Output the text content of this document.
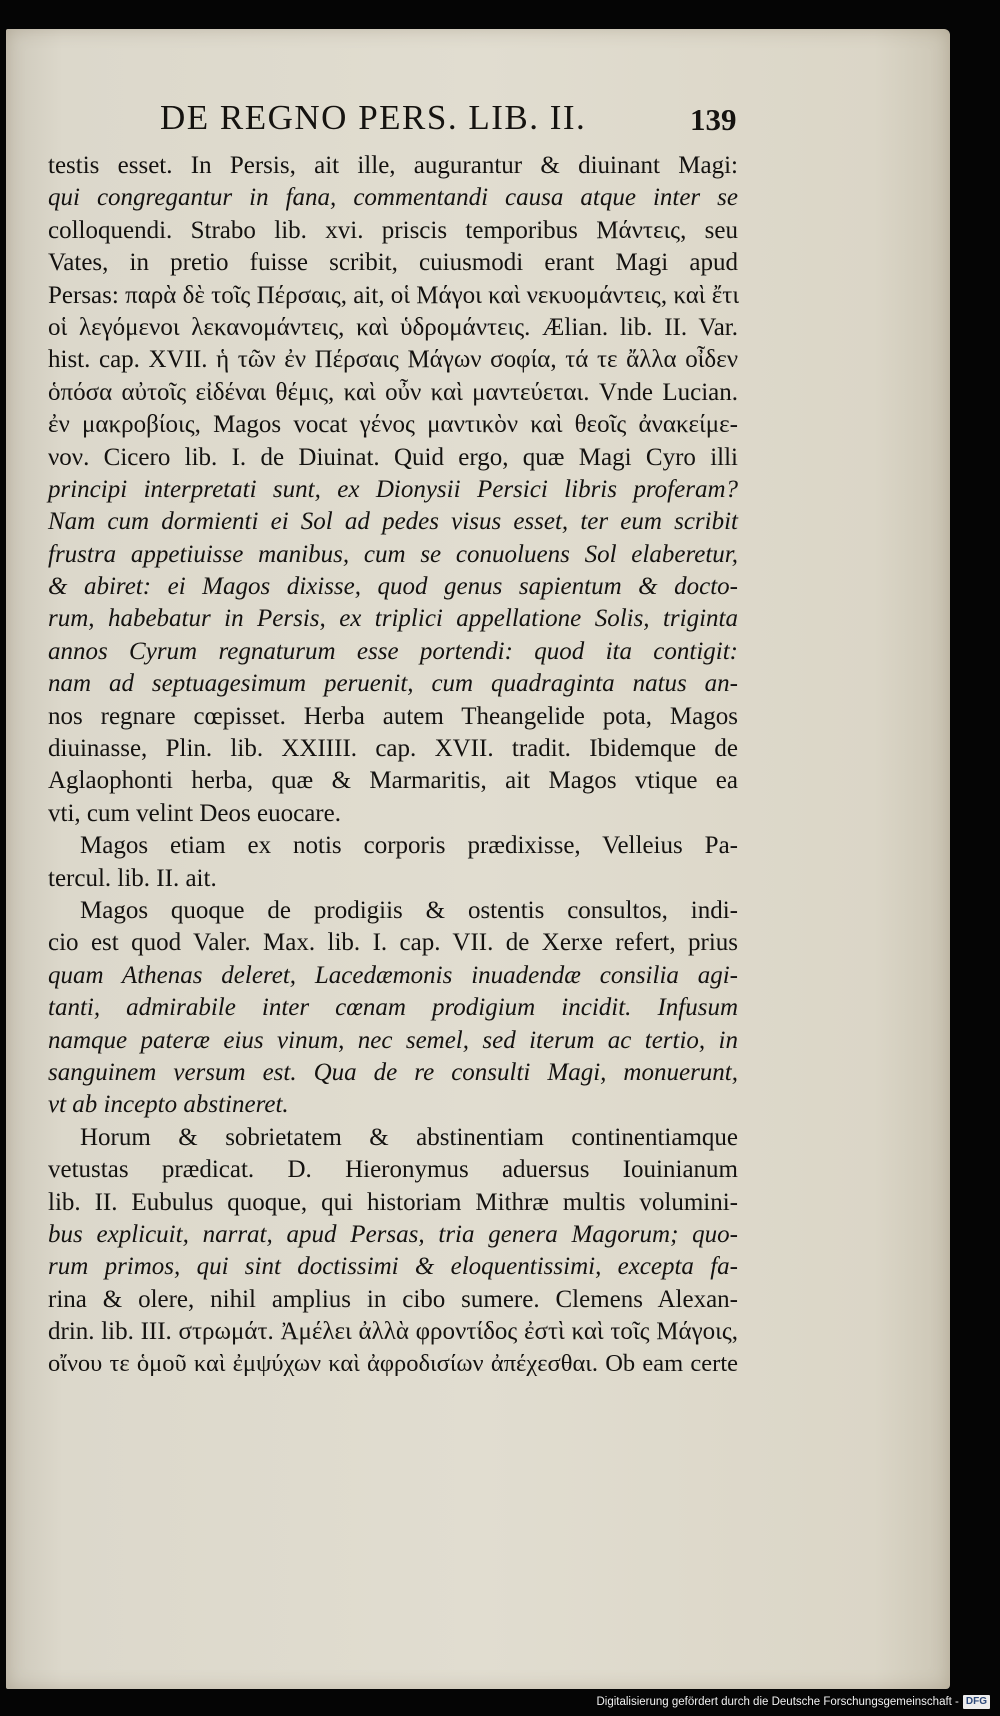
DE REGNO PERS. LIB. II.	139
testis esset. In Persis, ait ille, augurantur & diuinant Magi:
qui congregantur in fana, commentandi causa atque inter se
colloquendi. Strabo lib. xvi. priscis temporibus Μάντεις, seu
Vates, in pretio fuisse scribit, cuiusmodi erant Magi apud
Persas: παρὰ δὲ τοῖς Πέρσαις, ait, οἱ Μάγοι καὶ νεκυομάντεις, καὶ ἔτι
οἱ λεγόμενοι λεκανομάντεις, καὶ ὑδρομάντεις. Ælian. lib. II. Var.
hist. cap. XVII. ἡ τῶν ἐν Πέρσαις Μάγων σοφία, τά τε ἄλλα οἶδεν
ὁπόσα αὐτοῖς εἰδέναι θέμις, καὶ οὖν καὶ μαντεύεται. Vnde Lucian.
ἐν μακροβίοις, Magos vocat γένος μαντικὸν καὶ θεοῖς ἀνακείμε-
νον. Cicero lib. I. de Diuinat. Quid ergo, quæ Magi Cyro illi
principi interpretati sunt, ex Dionysii Persici libris proferam?
Nam cum dormienti ei Sol ad pedes visus esset, ter eum scribit
frustra appetiuisse manibus, cum se conuoluens Sol elaberetur,
& abiret: ei Magos dixisse, quod genus sapientum & docto-
rum, habebatur in Persis, ex triplici appellatione Solis, triginta
annos Cyrum regnaturum esse portendi: quod ita contigit:
nam ad septuagesimum peruenit, cum quadraginta natus an-
nos regnare cœpisset. Herba autem Theangelide pota, Magos
diuinasse, Plin. lib. XXIIII. cap. XVII. tradit. Ibidemque de
Aglaophonti herba, quæ & Marmaritis, ait Magos vtique ea
vti, cum velint Deos euocare.
Magos etiam ex notis corporis prædixisse, Velleius Pa-
tercul. lib. II. ait.
Magos quoque de prodigiis & ostentis consultos, indi-
cio est quod Valer. Max. lib. I. cap. VII. de Xerxe refert, prius
quam Athenas deleret, Lacedæmonis inuadendæ consilia agi-
tanti, admirabile inter cœnam prodigium incidit. Infusum
namque pateræ eius vinum, nec semel, sed iterum ac tertio, in
sanguinem versum est. Qua de re consulti Magi, monuerunt,
vt ab incepto abstineret.
Horum & sobrietatem & abstinentiam continentiamque
vetustas prædicat. D. Hieronymus aduersus Iouinianum
lib. II. Eubulus quoque, qui historiam Mithræ multis volumini-
bus explicuit, narrat, apud Persas, tria genera Magorum; quo-
rum primos, qui sint doctissimi & eloquentissimi, excepta fa-
rina & olere, nihil amplius in cibo sumere. Clemens Alexan-
drin. lib. III. στρωμάτ. Ἀμέλει ἀλλὰ φροντίδος ἐστὶ καὶ τοῖς Μάγοις,
οἴνου τε ὁμοῦ καὶ ἐμψύχων καὶ ἀφροδισίων ἀπέχεσθαι. Ob eam certe
Digitalisierung gefördert durch die Deutsche Forschungsgemeinschaft - DFG
